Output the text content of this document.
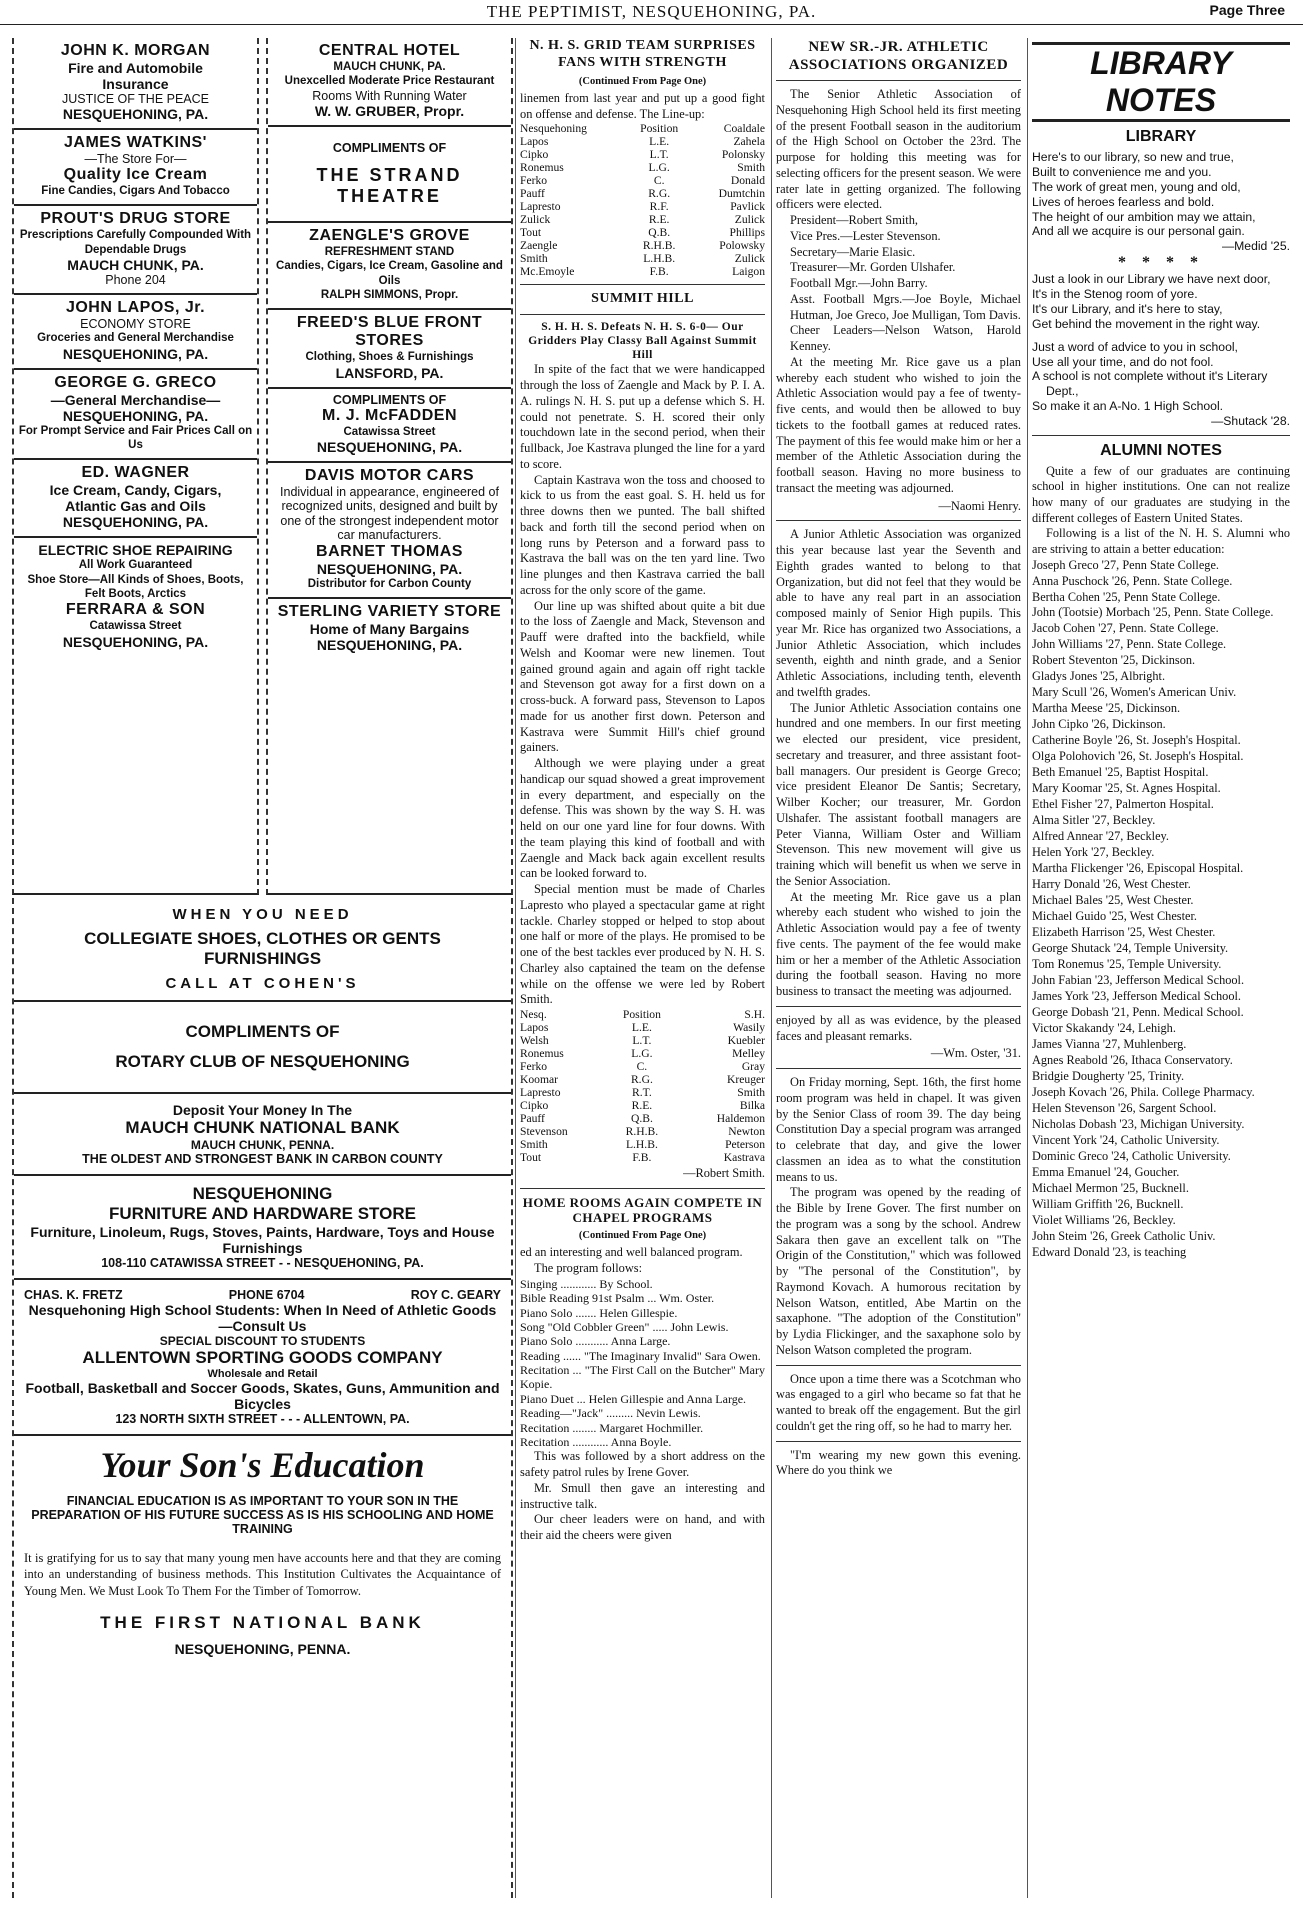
THE PEPTIMIST, NESQUEHONING, PA.	Page Three
JOHN K. MORGAN
Fire and Automobile
Insurance
JUSTICE OF THE PEACE
NESQUEHONING, PA.
JAMES WATKINS'
—The Store For—
Quality Ice Cream
Fine Candies, Cigars And Tobacco
PROUT'S DRUG STORE
Prescriptions Carefully Compounded With Dependable Drugs
MAUCH CHUNK, PA.
Phone 204
JOHN LAPOS, Jr.
ECONOMY STORE
Groceries and General Merchandise
NESQUEHONING, PA.
GEORGE G. GRECO
—General Merchandise—
NESQUEHONING, PA.
For Prompt Service and Fair Prices Call on Us
ED. WAGNER
Ice Cream, Candy, Cigars,
Atlantic Gas and Oils
NESQUEHONING, PA.
ELECTRIC SHOE REPAIRING
All Work Guaranteed
Shoe Store—All Kinds of Shoes, Boots, Felt Boots, Arctics
FERRARA & SON
Catawissa Street
NESQUEHONING, PA.
CENTRAL HOTEL
MAUCH CHUNK, PA.
Unexcelled Moderate Price Restaurant
Rooms With Running Water
W. W. GRUBER, Propr.
COMPLIMENTS OF
THE STRAND THEATRE
ZAENGLE'S GROVE
REFRESHMENT STAND
Candies, Cigars, Ice Cream, Gasoline and Oils
RALPH SIMMONS, Propr.
FREED'S BLUE FRONT STORES
Clothing, Shoes & Furnishings
LANSFORD, PA.
COMPLIMENTS OF
M. J. McFADDEN
Catawissa Street
NESQUEHONING, PA.
DAVIS MOTOR CARS
Individual in appearance, engineered of recognized units, designed and built by one of the strongest independent motor car manufacturers.
BARNET THOMAS
NESQUEHONING, PA.
Distributor for Carbon County
STERLING VARIETY STORE
Home of Many Bargains
NESQUEHONING, PA.
WHEN YOU NEED
COLLEGIATE SHOES, CLOTHES OR GENTS FURNISHINGS
CALL AT COHEN'S
COMPLIMENTS OF
ROTARY CLUB OF NESQUEHONING
Deposit Your Money In The
MAUCH CHUNK NATIONAL BANK
MAUCH CHUNK, PENNA.
THE OLDEST AND STRONGEST BANK IN CARBON COUNTY
NESQUEHONING
FURNITURE AND HARDWARE STORE
Furniture, Linoleum, Rugs, Stoves, Paints, Hardware, Toys and House Furnishings
108-110 CATAWISSA STREET - - NESQUEHONING, PA.
CHAS. K. FRETZ	PHONE 6704	ROY C. GEARY
Nesquehoning High School Students: When In Need of Athletic Goods—Consult Us
SPECIAL DISCOUNT TO STUDENTS
ALLENTOWN SPORTING GOODS COMPANY
Wholesale and Retail
Football, Basketball and Soccer Goods, Skates, Guns, Ammunition and Bicycles
123 NORTH SIXTH STREET - - - ALLENTOWN, PA.
Your Son's Education
FINANCIAL EDUCATION IS AS IMPORTANT TO YOUR SON IN THE PREPARATION OF HIS FUTURE SUCCESS AS IS HIS SCHOOLING AND HOME TRAINING
It is gratifying for us to say that many young men have accounts here and that they are coming into an understanding of business methods. This Institution Cultivates the Acquaintance of Young Men. We Must Look To Them For the Timber of Tomorrow.
THE FIRST NATIONAL BANK
NESQUEHONING, PENNA.
N. H. S. GRID TEAM SURPRISES FANS WITH STRENGTH
(Continued From Page One)
linemen from last year and put up a good fight on offense and defense. The Line-up:
Nesquehoning	Position	Coaldale
Lapos	L.E.	Zahela
Cipko	L.T.	Polonsky
Ronemus	L.G.	Smith
Ferko	C.	Donald
Pauff	R.G.	Dumtchin
Lapresto	R.F.	Pavlick
Zulick	R.E.	Zulick
Tout	Q.B.	Phillips
Zaengle	R.H.B.	Polowsky
Smith	L.H.B.	Zulick
Mc.Emoyle	F.B.	Laigon
SUMMIT HILL
S. H. H. S. Defeats N. H. S. 6-0— Our Gridders Play Classy Ball Against Summit Hill

In spite of the fact that we were handicapped through the loss of Zaengle and Mack by P. I. A. A. rulings N. H. S. put up a defense which S. H. could not penetrate. S. H. scored their only touchdown late in the second period, when their fullback, Joe Kastrava plunged the line for a yard to score.

Captain Kastrava won the toss and choosed to kick to us from the east goal. S. H. held us for three downs then we punted. The ball shifted back and forth till the second period when on long runs by Peterson and a forward pass to Kastrava the ball was on the ten yard line. Two line plunges and then Kastrava carried the ball across for the only score of the game.

Our line up was shifted about quite a bit due to the loss of Zaengle and Mack, Stevenson and Pauff were drafted into the backfield, while Welsh and Koomar were new linemen. Tout gained ground again and again off right tackle and Stevenson got away for a first down on a cross-buck. A forward pass, Stevenson to Lapos made for us another first down. Peterson and Kastrava were Summit Hill's chief ground gainers.

Although we were playing under a great handicap our squad showed a great improvement in every department, and especially on the defense. This was shown by the way S. H. was held on our one yard line for four downs. With the team playing this kind of football and with Zaengle and Mack back again excellent results can be looked forward to.

Special mention must be made of Charles Lapresto who played a spectacular game at right tackle. Charley stopped or helped to stop about one half or more of the plays. He promised to be one of the best tackles ever produced by N. H. S. Charley also captained the team on the defense while on the offense we were led by Robert Smith.

Nesq.	Position	S.H.
Lapos	L.E.	Wasily
Welsh	L.T.	Kuebler
Ronemus	L.G.	Melley
Ferko	C.	Gray
Koomar	R.G.	Kreuger
Lapresto	R.T.	Smith
Cipko	R.E.	Bilka
Pauff	Q.B.	Haldemon
Stevenson	R.H.B.	Newton
Smith	L.H.B.	Peterson
Tout	F.B.	Kastrava
—Robert Smith.
HOME ROOMS AGAIN COMPETE IN CHAPEL PROGRAMS
(Continued From Page One)
ed an interesting and well balanced program.

The program follows:

Singing ............ By School.
Bible Reading 91st Psalm ... Wm. Oster.
Piano Solo ....... Helen Gillespie.
Song "Old Cobbler Green" ..... John Lewis.
Piano Solo ........... Anna Large.
Reading ...... "The Imaginary Invalid" Sara Owen.
Recitation ... "The First Call on the Butcher" Mary Kopie.
Piano Duet ... Helen Gillespie and Anna Large.
Reading—"Jack" ......... Nevin Lewis.
Recitation ........ Margaret Hochmiller.
Recitation ............ Anna Boyle.

This was followed by a short address on the safety patrol rules by Irene Gover.

Mr. Smull then gave an interesting and instructive talk.

Our cheer leaders were on hand, and with their aid the cheers were given

NEW SR.-JR. ATHLETIC ASSOCIATIONS ORGANIZED

The Senior Athletic Association of Nesquehoning High School held its first meeting of the present Football season in the auditorium of the High School on October the 23rd. The purpose for holding this meeting was for selecting officers for the present season. We were rater late in getting organized. The following officers were elected.

President—Robert Smith,
Vice Pres.—Lester Stevenson.
Secretary—Marie Elasic.
Treasurer—Mr. Gorden Ulshafer.
Football Mgr.—John Barry.
Asst. Football Mgrs.—Joe Boyle, Michael Hutman, Joe Greco, Joe Mulligan, Tom Davis.
Cheer Leaders—Nelson Watson, Harold Kenney.

At the meeting Mr. Rice gave us a plan whereby each student who wished to join the Athletic Association would pay a fee of twenty-five cents, and would then be allowed to buy tickets to the football games at reduced rates. The payment of this fee would make him or her a member of the Athletic Association during the football season. Having no more business to transact the meeting was adjourned.

—Naomi Henry.

A Junior Athletic Association was organized this year because last year the Seventh and Eighth grades wanted to belong to that Organization, but did not feel that they would be able to have any real part in an association composed mainly of Senior High pupils. This year Mr. Rice has organized two Associations, a Junior Athletic Association, which includes seventh, eighth and ninth grade, and a Senior Athletic Associations, including tenth, eleventh and twelfth grades.

The Junior Athletic Association contains one hundred and one members. In our first meeting we elected our president, vice president, secretary and treasurer, and three assistant foot-ball managers. Our president is George Greco; vice president Eleanor De Santis; Secretary, Wilber Kocher; our treasurer, Mr. Gordon Ulshafer. The assistant football managers are Peter Vianna, William Oster and William Stevenson. This new movement will give us training which will benefit us when we serve in the Senior Association.

At the meeting Mr. Rice gave us a plan whereby each student who wished to join the Athletic Association would pay a fee of twenty five cents. The payment of the fee would make him or her a member of the Athletic Association during the football season. Having no more business to transact the meeting was adjourned.

enjoyed by all as was evidence, by the pleased faces and pleasant remarks.

—Wm. Oster, '31.

On Friday morning, Sept. 16th, the first home room program was held in chapel. It was given by the Senior Class of room 39. The day being Constitution Day a special program was arranged to celebrate that day, and give the lower classmen an idea as to what the constitution means to us.

The program was opened by the reading of the Bible by Irene Gover. The first number on the program was a song by the school. Andrew Sakara then gave an excellent talk on "The Origin of the Constitution," which was followed by "The personal of the Constitution", by Raymond Kovach. A humorous recitation by Nelson Watson, entitled, Abe Martin on the saxaphone. "The adoption of the Constitution" by Lydia Flickinger, and the saxaphone solo by Nelson Watson completed the program.

Once upon a time there was a Scotchman who was engaged to a girl who became so fat that he wanted to break off the engagement. But the girl couldn't get the ring off, so he had to marry her.

"I'm wearing my new gown this evening. Where do you think we

LIBRARY NOTES
LIBRARY
Here's to our library, so new and true,
Built to convenience me and you.
The work of great men, young and old,
Lives of heroes fearless and bold.
The height of our ambition may we attain,
And all we acquire is our personal gain.
—Medid '25.
* * * *
Just a look in our Library we have next door,
It's in the Stenog room of yore.
It's our Library, and it's here to stay,
Get behind the movement in the right way.
Just a word of advice to you in school,
Use all your time, and do not fool.
A school is not complete without it's Literary Dept.,
So make it an A-No. 1 High School.
—Shutack '28.
ALUMNI NOTES

Quite a few of our graduates are continuing school in higher institutions. One can not realize how many of our graduates are studying in the different colleges of Eastern United States.

Following is a list of the N. H. S. Alumni who are striving to attain a better education:

Joseph Greco '27, Penn State College.
Anna Puschock '26, Penn. State College.
Bertha Cohen '25, Penn State College.
John (Tootsie) Morbach '25, Penn. State College.
Jacob Cohen '27, Penn. State College.
John Williams '27, Penn. State College.
Robert Steventon '25, Dickinson.
Gladys Jones '25, Albright.
Mary Scull '26, Women's American Univ.
Martha Meese '25, Dickinson.
John Cipko '26, Dickinson.
Catherine Boyle '26, St. Joseph's Hospital.
Olga Polohovich '26, St. Joseph's Hospital.
Beth Emanuel '25, Baptist Hospital.
Mary Koomar '25, St. Agnes Hospital.
Ethel Fisher '27, Palmerton Hospital.
Alma Sitler '27, Beckley.
Alfred Annear '27, Beckley.
Helen York '27, Beckley.
Martha Flickenger '26, Episcopal Hospital.
Harry Donald '26, West Chester.
Michael Bales '25, West Chester.
Michael Guido '25, West Chester.
Elizabeth Harrison '25, West Chester.
George Shutack '24, Temple University.
Tom Ronemus '25, Temple University.
John Fabian '23, Jefferson Medical School.
James York '23, Jefferson Medical School.
George Dobash '21, Penn. Medical School.
Victor Skakandy '24, Lehigh.
James Vianna '27, Muhlenberg.
Agnes Reabold '26, Ithaca Conservatory.
Bridgie Dougherty '25, Trinity.
Joseph Kovach '26, Phila. College Pharmacy.
Helen Stevenson '26, Sargent School.
Nicholas Dobash '23, Michigan University.
Vincent York '24, Catholic University.
Dominic Greco '24, Catholic University.
Emma Emanuel '24, Goucher.
Michael Mermon '25, Bucknell.
William Griffith '26, Bucknell.
Violet Williams '26, Beckley.
John Steim '26, Greek Catholic Univ.
Edward Donald '23, is teaching
